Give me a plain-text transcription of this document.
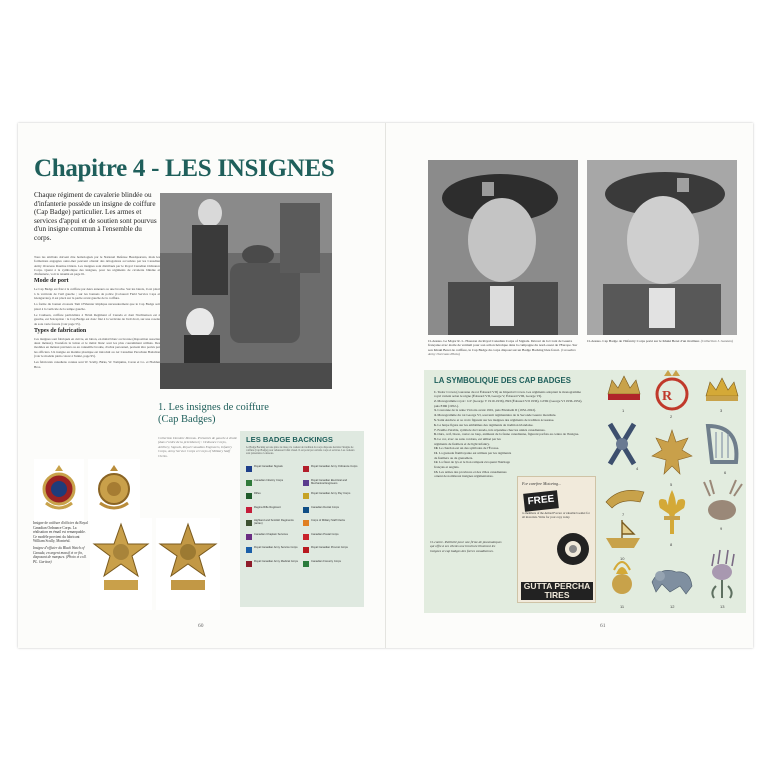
Chapitre 4 - LES INSIGNES
Chaque régiment de cavalerie blindée ou d'infanterie possède un insigne de coiffure (Cap Badge) particulier. Les armes et services d'appui et de soutien sont pourvus d'un insigne commun à l'ensemble du corps.
Tous les attributs doivent être homologués par le National Defense Headquarters, mais les formations engagées outre-mer peuvent obtenir des dérogations accordées par les Canadian Army Overseas Routine Orders. Les insignes sont distribués par le Royal Canadian Ordnance Corps. Quant à la symbolique des insignes, pour les régiments de cavalerie blindée et d'infanterie, voir le résumé en page 61.
Mode de port
Le Cap Badge est fixé à la coiffure par deux anneaux ou une broche. Sur les bérets, il est placé à la verticale de l'œil gauche ; sur les bonnets de police (Coloured Field Service Caps et Glengarries), il est placé sur la partie avant gauche de la coiffure.
La forme du bonnet écossais Tam O'Shanter implique nécessairement que le Cap Badge soit placé à la verticale de la tempe gauche.
Le Caubeen, coiffure particulière à l'Irish Regiment of Canada et dont l'inclinaison est à gauche, est l'exception : le Cap Badge est donc fixé à la verticale de l'œil droit, sur une rosette de soie verte foncée (voir page 55).
Types de fabrication
Ces insignes sont fabriqués en cuivre, en laiton, en métal blanc ou bronze (disposition associée deux métaux). Toutefois le laiton et le métal blanc sont les plus couramment utilisés. Des modèles en métaux précieux ou en cannetille brodée, d'achat personnel, peuvent être portés par les officiers. Un insigne en matière plastique est introduit au 1er Canadian Parachute Battalion (voir le modèle plein coloré à l'unité, page 95).
Les fabricants canadiens connus sont W. Scully, Birks, W. Tompkins, Caron et Co. et Hodden Bros.
1. Les insignes de coiffure (Cap Badges)
Collection Dominic Moreau. Présentés de gauche à droite (dans l'ordre de la précédence) : Ordnance Corps, Artillery, Signals, Royal Canadian Engineers, Infantry Corps, Army Service Corps et Corps of Military Staff Clerks.
Insigne de coiffure d'officier du Royal Canadian Ordnance Corps. La réalisation en émail est remarquable. Ce modèle provient du fabricant William Scully, Montréal.
Insigne d'officier du Black Watch of Canada, en argent massif et or fin, disposant de marques. (Photo et coll. PL. Gariton)
LES BADGE BACKINGS
Le Badge Backing est une pièce de tissu à la couleur de tradition du corps disposée derrière l'insigne de coiffure (Cap Badge) pour rehausser l'effet visuel. Il est porté par certains corps et services. Les couleurs sont présentées ci-dessous.
Royal Canadian Signals	Royal Canadian Army Ordnance Corps
Canadian Infantry Corps	Royal Canadian Electrical and Mechanical Engineers
Rifles	Royal Canadian Army Pay Corps
Regina Rifle Regiment	Canadian Dental Corps
Highland and Scottish Regiments (tartan)
Corps of Military Staff Clerks
Canadian Chaplain Services	Canadian Postal Corps
Royal Canadian Army Service Corps	Royal Canadian Provost Corps
Royal Canadian Army Medical Corps	Canadian Forestry Corps
60
Ci-dessus. Le Major R. L. Houston du Royal Canadian Corps of Signals. Décoré de la Croix de Guerre française avec étoile de vermeil pour son action héroïque dans la campagne du nord-ouest de l'Europe. Sur son Khaki Beret de coiffure, le Cap Badge du corps disposé sur un Badge Backing bleu foncé. (Canadian Army Overseas Photo)
Ci-dessus. Cap Badge de l'Infantry Corps porté sur le Khaki Beret d'un tirailleur. (Collection J. Gannon)
61
LA SYMBOLIQUE DES CAP BADGES
1. Tudor Crown (couronne du roi Édouard VII) ou Imperial Crown. Les régiments adoptant le monogramme royal varient selon le règne (Édouard VII, George V, Édouard VIII, George VI).
2. Monogramme royal : GV (George V 1910-1936), ERI (Édouard VII 1936), GVIR (George VI 1936-1952), puis EIIR (1952-).
3. Couronne de la reine Victoria avant 1901, puis Elizabeth II (1952-2022).
4. Monogramme du roi George VI, souvenir régimentaire de la Seconde Guerre mondiale.
5. Saint Andrew et sa croix figurent sur les insignes des régiments de tradition écossaise.
6. La harpe figure sur les emblèmes des régiments de tradition irlandaise.
7. Feuille d'érable, symbole du Canada, très répandue chez les unités canadiennes.
8. Ours, cerf, bison, castor ou loup, animaux de la faune canadienne, figurent parfois au centre de l'insigne.
9. Le cor, avec ou sans cordons, est utilisé par les régiments de fusiliers et de light infantry.
10. Le chardon est un des symboles de l'Écosse.
11. La grenade flamboyante est utilisée par les régiments de fusiliers ou de grenadiers.
12. La fleur de lys et le lion rampant évoquent l'héritage français et anglais.
13. Les armes des provinces et des villes canadiennes ornent de nombreux insignes régimentaires.
For carefree Motoring...
FREE
to members of the Armed Forces: A valuable booklet for all motorists. Write for your copy today.
GUTTA PERCHA TIRES
1
R
2
3
4
5
6
7
8
9
10
11	12	13
Ci-contre. Publicité pour une firme de pneumatiques qui offre à ses clients une brochure illustrant les insignes et cap badges des forces canadiennes.
